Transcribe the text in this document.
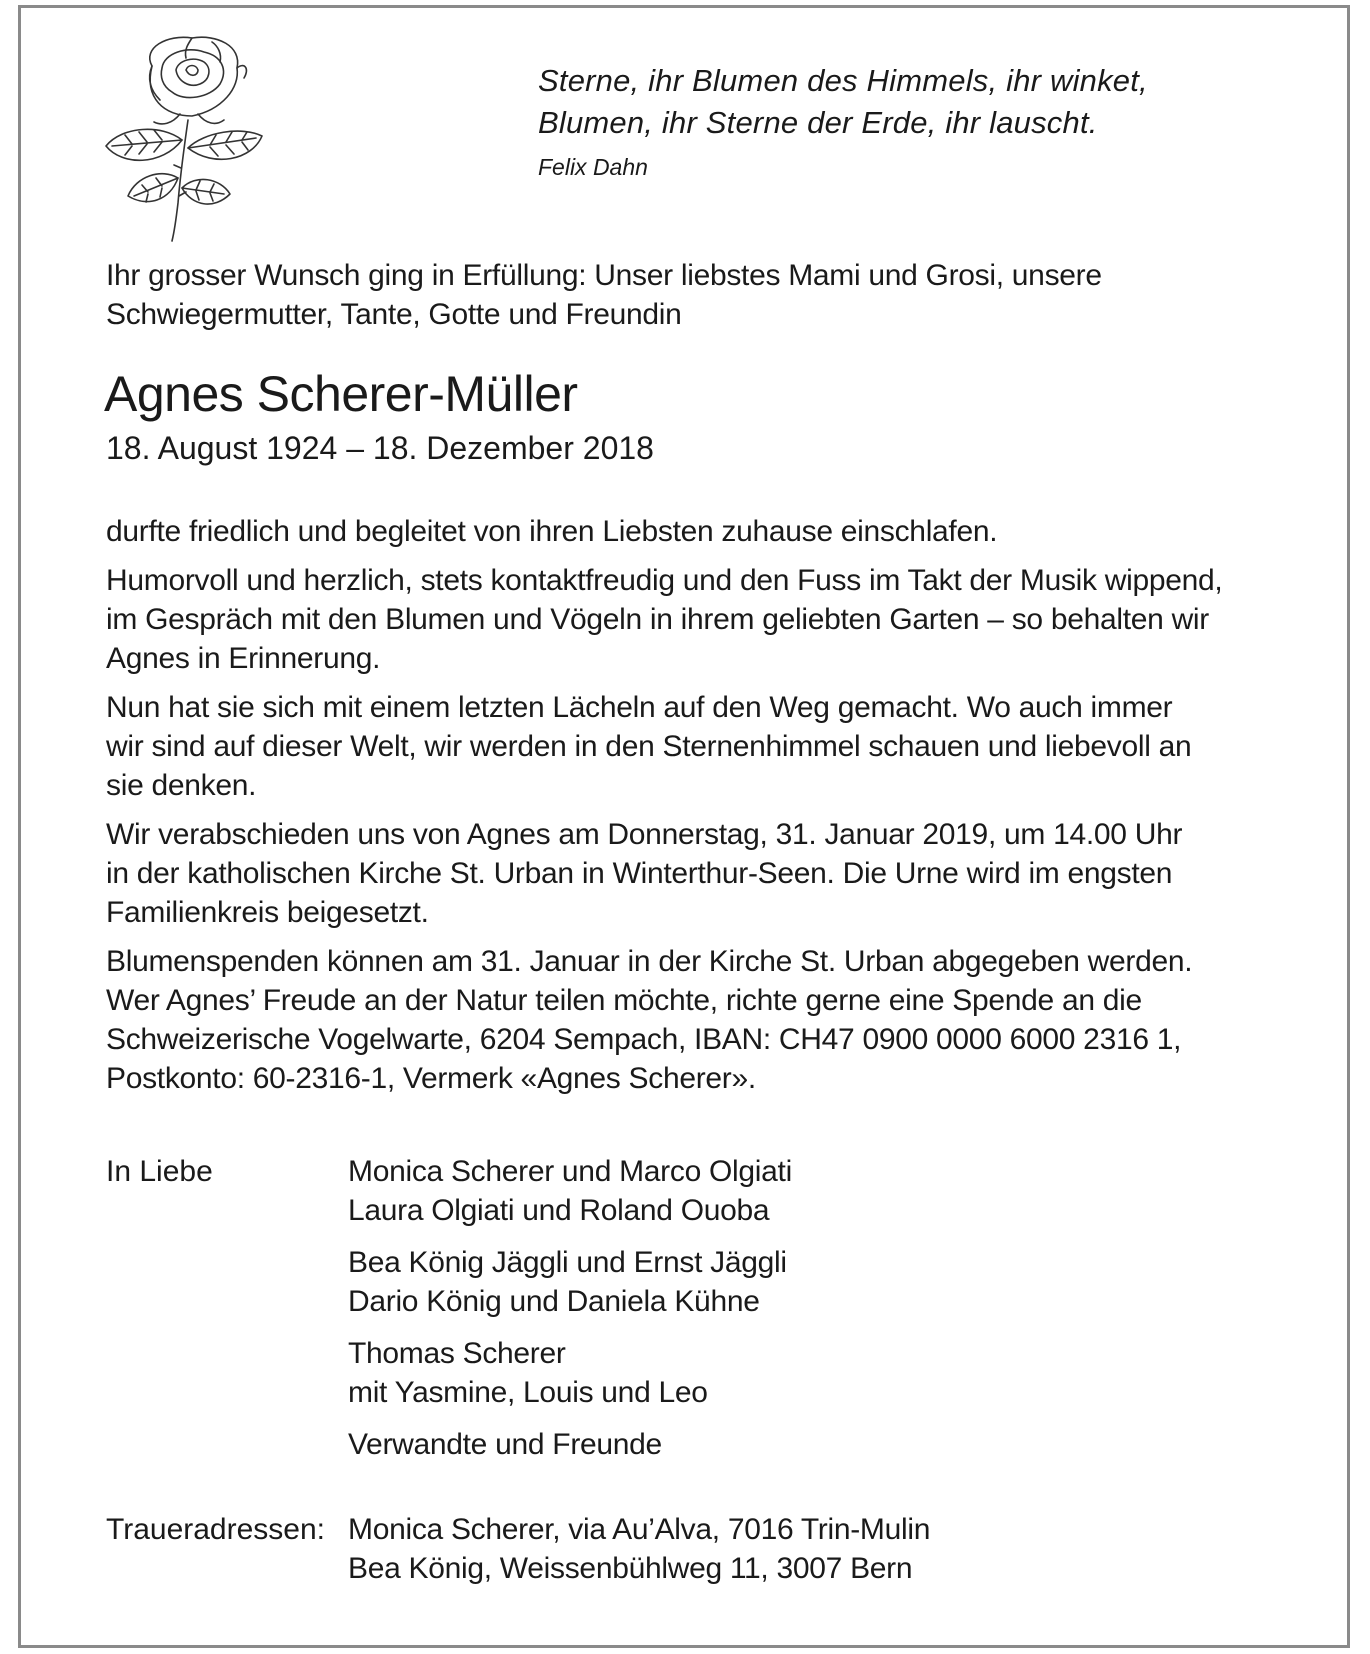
Sterne, ihr Blumen des Himmels, ihr winket,
Blumen, ihr Sterne der Erde, ihr lauscht.
Felix Dahn

Ihr grosser Wunsch ging in Erfüllung: Unser liebstes Mami und Grosi, unsere

Schwiegermutter, Tante, Gotte und Freundin

Agnes Scherer-Müller
18. August 1924 – 18. Dezember 2018
durfte friedlich und begleitet von ihren Liebsten zuhause einschlafen.
Humorvoll und herzlich, stets kontaktfreudig und den Fuss im Takt der Musik wippend,
im Gespräch mit den Blumen und Vögeln in ihrem geliebten Garten – so behalten wir
Agnes in Erinnerung.
Nun hat sie sich mit einem letzten Lächeln auf den Weg gemacht. Wo auch immer
wir sind auf dieser Welt, wir werden in den Sternenhimmel schauen und liebevoll an
sie denken.
Wir verabschieden uns von Agnes am Donnerstag, 31. Januar 2019, um 14.00 Uhr
in der katholischen Kirche St. Urban in Winterthur-Seen. Die Urne wird im engsten
Familienkreis beigesetzt.
Blumenspenden können am 31. Januar in der Kirche St. Urban abgegeben werden.
Wer Agnes’ Freude an der Natur teilen möchte, richte gerne eine Spende an die
Schweizerische Vogelwarte, 6204 Sempach, IBAN: CH47 0900 0000 6000 2316 1,
Postkonto: 60-2316-1, Vermerk «Agnes Scherer».
In Liebe	Monica Scherer und Marco Olgiati
Laura Olgiati und Roland Ouoba
Bea König Jäggli und Ernst Jäggli
Dario König und Daniela Kühne
Thomas Scherer
mit Yasmine, Louis und Leo
Verwandte und Freunde
Traueradressen: Monica Scherer, via Au’Alva, 7016 Trin-Mulin
Bea König, Weissenbühlweg 11, 3007 Bern
